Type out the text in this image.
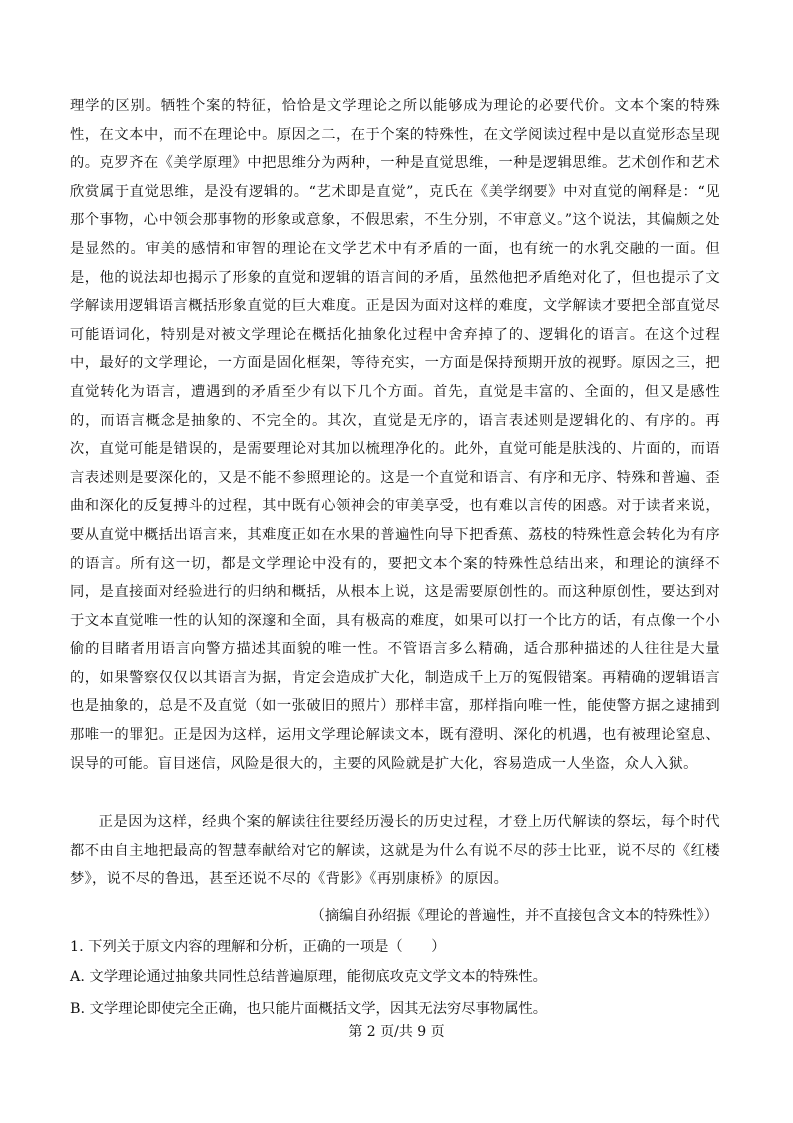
理学的区别。牺牲个案的特征，恰恰是文学理论之所以能够成为理论的必要代价。文本个案的特殊性，在文本中，而不在理论中。原因之二，在于个案的特殊性，在文学阅读过程中是以直觉形态呈现的。克罗齐在《美学原理》中把思维分为两种，一种是直觉思维，一种是逻辑思维。艺术创作和艺术欣赏属于直觉思维，是没有逻辑的。“艺术即是直觉”，克氏在《美学纲要》中对直觉的阐释是：“见那个事物，心中领会那事物的形象或意象，不假思索，不生分别，不审意义。”这个说法，其偏颇之处是显然的。审美的感情和审智的理论在文学艺术中有矛盾的一面，也有统一的水乳交融的一面。但是，他的说法却也揭示了形象的直觉和逻辑的语言间的矛盾，虽然他把矛盾绝对化了，但也提示了文学解读用逻辑语言概括形象直觉的巨大难度。正是因为面对这样的难度，文学解读才要把全部直觉尽可能语词化，特别是对被文学理论在概括化抽象化过程中舍弃掉了的、逻辑化的语言。在这个过程中，最好的文学理论，一方面是固化框架，等待充实，一方面是保持预期开放的视野。原因之三，把直觉转化为语言，遭遇到的矛盾至少有以下几个方面。首先，直觉是丰富的、全面的，但又是感性的，而语言概念是抽象的、不完全的。其次，直觉是无序的，语言表述则是逻辑化的、有序的。再次，直觉可能是错误的，是需要理论对其加以梳理净化的。此外，直觉可能是肤浅的、片面的，而语言表述则是要深化的，又是不能不参照理论的。这是一个直觉和语言、有序和无序、特殊和普遍、歪曲和深化的反复搏斗的过程，其中既有心领神会的审美享受，也有难以言传的困惑。对于读者来说，要从直觉中概括出语言来，其难度正如在水果的普遍性向导下把香蕉、荔枝的特殊性意会转化为有序的语言。所有这一切，都是文学理论中没有的，要把文本个案的特殊性总结出来，和理论的演绎不同，是直接面对经验进行的归纳和概括，从根本上说，这是需要原创性的。而这种原创性，要达到对于文本直觉唯一性的认知的深邃和全面，具有极高的难度，如果可以打一个比方的话，有点像一个小偷的目睹者用语言向警方描述其面貌的唯一性。不管语言多么精确，适合那种描述的人往往是大量的，如果警察仅仅以其语言为据，肯定会造成扩大化，制造成千上万的冤假错案。再精确的逻辑语言也是抽象的，总是不及直觉（如一张破旧的照片）那样丰富，那样指向唯一性，能使警方据之逮捕到那唯一的罪犯。正是因为这样，运用文学理论解读文本，既有澄明、深化的机遇，也有被理论窒息、误导的可能。盲目迷信，风险是很大的，主要的风险就是扩大化，容易造成一人坐盗，众人入狱。

正是因为这样，经典个案的解读往往要经历漫长的历史过程，才登上历代解读的祭坛，每个时代都不由自主地把最高的智慧奉献给对它的解读，这就是为什么有说不尽的莎士比亚，说不尽的《红楼梦》，说不尽的鲁迅，甚至还说不尽的《背影》《再别康桥》的原因。

（摘编自孙绍振《理论的普遍性，并不直接包含文本的特殊性》）

1. 下列关于原文内容的理解和分析，正确的一项是（　　）

A. 文学理论通过抽象共同性总结普遍原理，能彻底攻克文学文本的特殊性。

B. 文学理论即使完全正确，也只能片面概括文学，因其无法穷尽事物属性。

第 2 页/共 9 页
